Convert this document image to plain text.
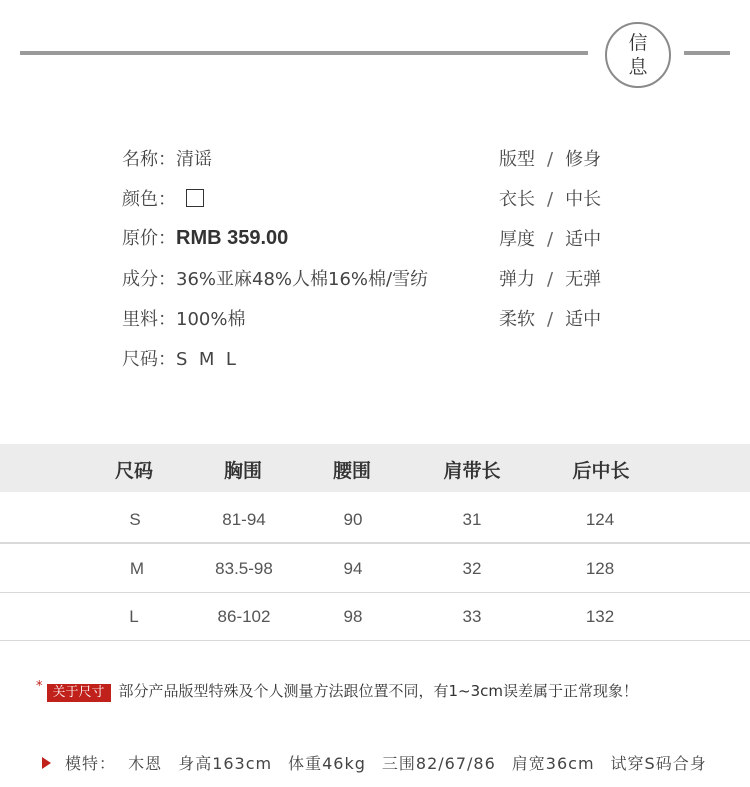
信
息
名称：清谣
颜色：
原价：RMB 359.00
成分：36%亚麻48%人棉16%棉/雪纺
里料：100%棉
尺码：S  M  L
版型 / 修身
衣长 / 中长
厚度 / 适中
弹力 / 无弹
柔软 / 适中
尺码	胸围	腰围	肩带长	后中长
S	81-94	90	31	124
M	83.5-98	94	32	128
L	86-102	98	33	132
* 关于尺寸 部分产品版型特殊及个人测量方法跟位置不同，有1~3cm误差属于正常现象！
模特：  木恩 身高163cm 体重46kg 三围82/67/86 肩宽36cm 试穿S码合身
